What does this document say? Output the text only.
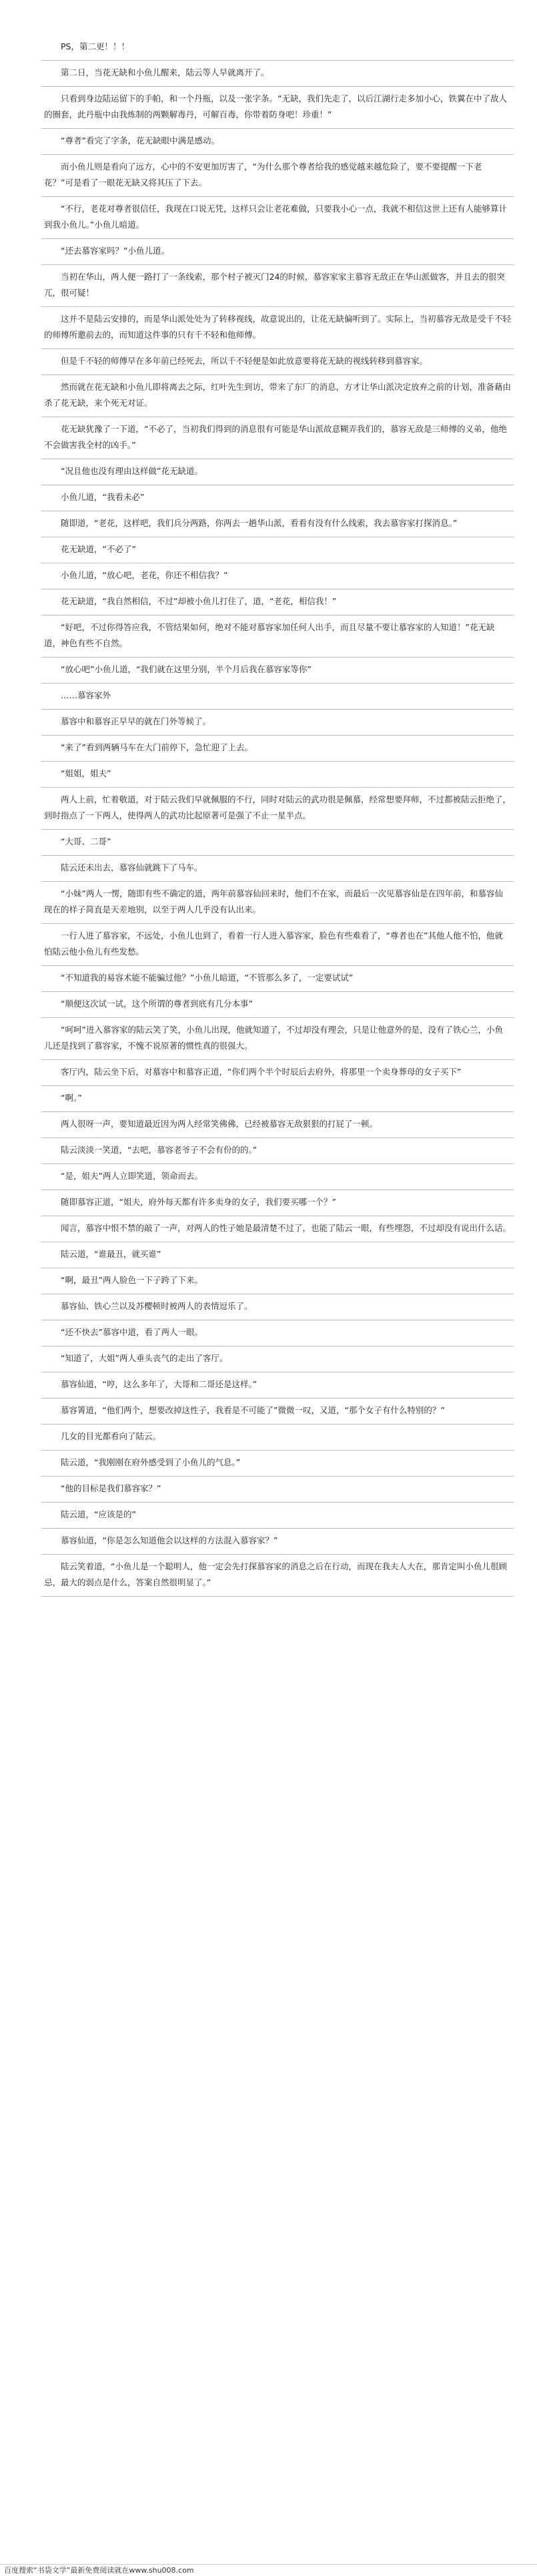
PS，第二更！！！

第二日，当花无缺和小鱼儿醒来，陆云等人早就离开了。

只看到身边陆运留下的手帕，和一个丹瓶，以及一张字条。“无缺，我们先走了，以后江湖行走多加小心，铁翼在中了敌人的圈套，此丹瓶中由我炼制的两颗解毒丹，可解百毒，你带着防身吧！珍重！”

“尊者”看完了字条，花无缺眼中满是感动。

而小鱼儿则是看向了远方，心中的不安更加厉害了，“为什么那个尊者给我的感觉越来越危险了，要不要提醒一下老花？”可是看了一眼花无缺又将其压了下去。

“不行，老花对尊者很信任，我现在口说无凭，这样只会让老花难做，只要我小心一点，我就不相信这世上还有人能够算计到我小鱼儿。”小鱼儿暗道。

“还去慕容家吗？”小鱼儿道。

当初在华山，两人便一路打了一条线索，那个村子被灭门24的时候，慕容家家主慕容无敌正在华山派做客，并且去的很突兀，很可疑！

这并不是陆云安排的，而是华山派处处为了转移视线，故意说出的，让花无缺偏听到了。实际上，当初慕容无敌是受千不轻的师傅所邀前去的，而知道这件事的只有千不轻和他师傅。

但是千不轻的师傅早在多年前已经死去，所以千不轻便是如此放意要将花无缺的视线转移到慕容家。

然而就在花无缺和小鱼儿即将离去之际，红叶先生到访，带来了东厂的消息，方才让华山派决定放弃之前的计划，准备藉由杀了花无缺，来个死无对证。

花无缺犹豫了一下道，“不必了，当初我们得到的消息很有可能是华山派故意糊弄我们的，慕容无敌是三师傅的义弟，他绝不会做害我全村的凶手。”

“况且他也没有理由这样做”花无缺道。

小鱼儿道，“我看未必”

随即道，“老花，这样吧，我们兵分两路，你两去一趟华山派，看看有没有什么线索，我去慕容家打探消息。”

花无缺道，“不必了”

小鱼儿道，“放心吧，老花，你还不相信我？”

花无缺道，“我自然相信，不过”却被小鱼儿打住了，道，“老花，相信我！”

“好吧，不过你得答应我，不管结果如何，绝对不能对慕容家加任何人出手，而且尽量不要让慕容家的人知道！”花无缺道，神色有些不自然。

“放心吧”小鱼儿道，“我们就在这里分别，半个月后我在慕容家等你”

……慕容家外

慕容中和慕容正早早的就在门外等候了。

“来了”看到两辆马车在大门前停下，急忙迎了上去。

“姐姐，姐夫”

两人上前，忙着敬道，对于陆云我们早就佩服的不行，同时对陆云的武功很是佩慕，经常想要拜师，不过都被陆云拒绝了，到时指点了一下两人，使得两人的武功比起原著可是强了不止一星半点。

“大哥、二哥”

陆云还未出去，慕容仙就跳下了马车。

“小妹”两人一愣，随即有些不确定的道，两年前慕容仙回来时，他们不在家，而最后一次见慕容仙是在四年前，和慕容仙现在的样子简直是天差地别，以至于两人几乎没有认出来。

一行人进了慕容家，不远处，小鱼儿也到了，看着一行人进入慕容家，脸色有些难看了，“尊者也在”其他人他不怕，他就怕陆云他小鱼儿有些发愁。

“不知道我的易容术能不能骗过他？”小鱼儿暗道，“不管那么多了，一定要试试”

“顺便这次试一试，这个所谓的尊者到底有几分本事”

“呵呵”进入慕容家的陆云笑了笑，小鱼儿出现，他就知道了，不过却没有理会，只是让他意外的是，没有了铁心兰，小鱼儿还是找到了慕容家，不愧不说原著的惯性真的很强大。

客厅内，陆云坐下后，对慕容中和慕容正道，“你们两个半个时辰后去府外，将那里一个卖身葬母的女子买下”

“啊。”

两人很呀一声，要知道最近因为两人经常笑佛佛，已经被慕容无敌狠狠的打屁了一顿。

陆云淡淡一笑道，“去吧，慕容老爷子不会有份的的。”

“是，姐夫”两人立即笑道，领命而去。

随即慕容正道，“姐夫，府外每天都有许多卖身的女子，我们要买哪一个？”

闻言，慕容中恨不禁的敲了一声，对两人的性子她是最清楚不过了，也能了陆云一眼，有些埋怨，不过却没有说出什么话。

陆云道，“谁最丑，就买谁”

“啊，最丑”两人脸色一下子跨了下来。

慕容仙、铁心兰以及苏樱顿时被两人的表情逗乐了。

“还不快去”慕容中道，看了两人一眼。

“知道了，大姐”两人垂头丧气的走出了客厅。

慕容仙道，“哼，这么多年了，大哥和二哥还是这样。”

慕容箐道，“他们两个，想要改掉这性子，我看是不可能了”微微一叹，又道，“那个女子有什么特别的？”

几女的目光都看向了陆云。

陆云道，“我刚刚在府外感受到了小鱼儿的气息。”

“他的目标是我们慕容家？”

陆云道，“应该是的”

慕容仙道，“你是怎么知道他会以这样的方法混入慕容家？”

陆云笑着道，“小鱼儿是一个聪明人，他一定会先打探慕容家的消息之后在行动，而现在我夫人大在，那肯定叫小鱼儿很顾忌，最大的弱点是什么，答案自然很明显了。”

百度搜索“书袋文学”最新免费阅读就在www.shu008.com
